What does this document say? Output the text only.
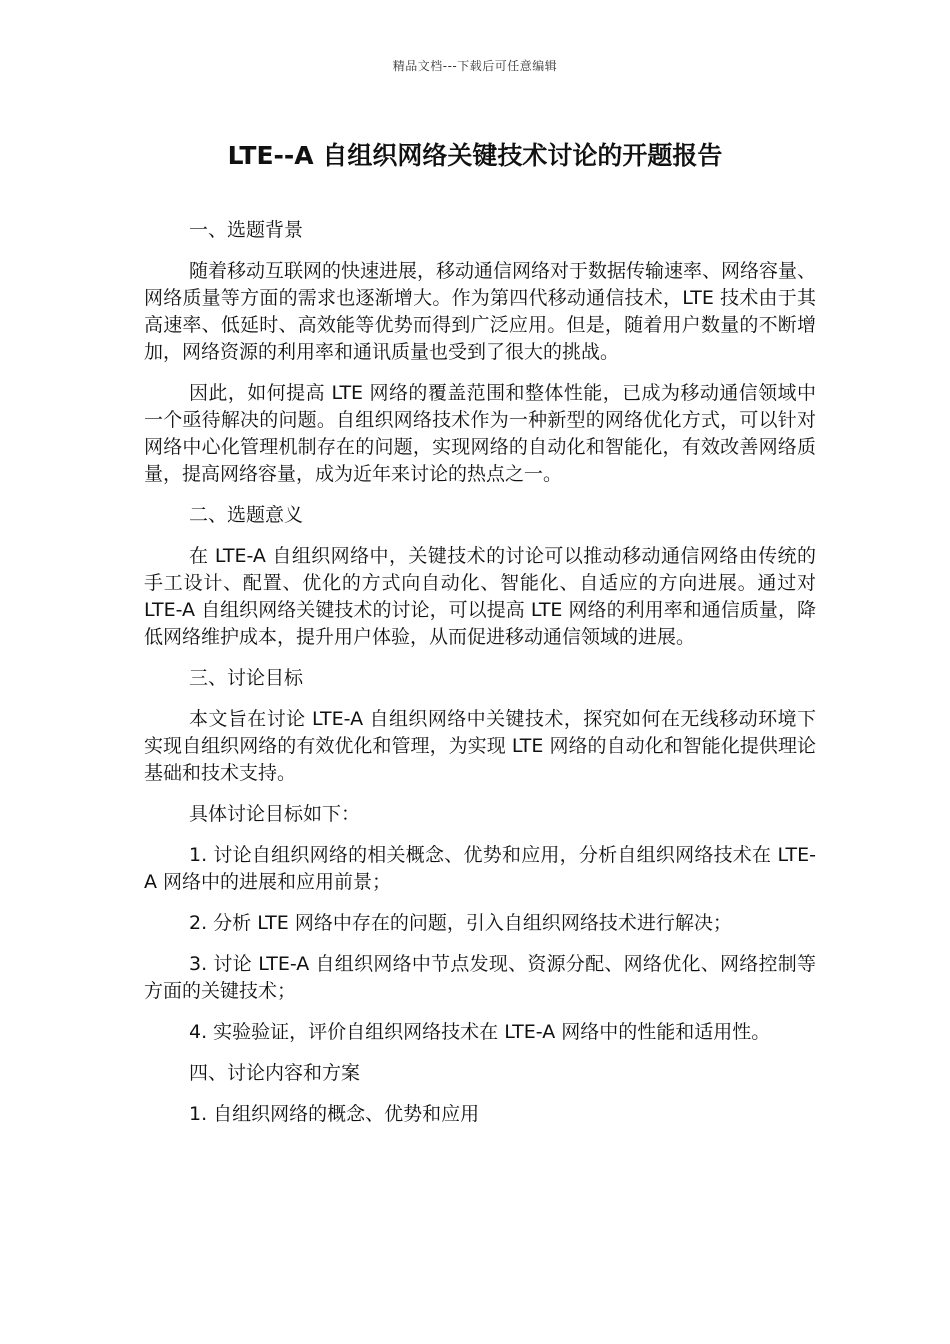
精品文档---下载后可任意编辑
LTE--A 自组织网络关键技术讨论的开题报告

一、选题背景

随着移动互联网的快速进展，移动通信网络对于数据传输速率、网络容量、网络质量等方面的需求也逐渐增大。作为第四代移动通信技术，LTE 技术由于其高速率、低延时、高效能等优势而得到广泛应用。但是，随着用户数量的不断增加，网络资源的利用率和通讯质量也受到了很大的挑战。

因此，如何提高 LTE 网络的覆盖范围和整体性能，已成为移动通信领域中一个亟待解决的问题。自组织网络技术作为一种新型的网络优化方式，可以针对网络中心化管理机制存在的问题，实现网络的自动化和智能化，有效改善网络质量，提高网络容量，成为近年来讨论的热点之一。

二、选题意义

在 LTE-A 自组织网络中，关键技术的讨论可以推动移动通信网络由传统的手工设计、配置、优化的方式向自动化、智能化、自适应的方向进展。通过对 LTE-A 自组织网络关键技术的讨论，可以提高 LTE 网络的利用率和通信质量，降低网络维护成本，提升用户体验，从而促进移动通信领域的进展。

三、讨论目标

本文旨在讨论 LTE-A 自组织网络中关键技术，探究如何在无线移动环境下实现自组织网络的有效优化和管理，为实现 LTE 网络的自动化和智能化提供理论基础和技术支持。

具体讨论目标如下：

1. 讨论自组织网络的相关概念、优势和应用，分析自组织网络技术在 LTE-A 网络中的进展和应用前景；

2. 分析 LTE 网络中存在的问题，引入自组织网络技术进行解决；

3. 讨论 LTE-A 自组织网络中节点发现、资源分配、网络优化、网络控制等方面的关键技术；

4. 实验验证，评价自组织网络技术在 LTE-A 网络中的性能和适用性。

四、讨论内容和方案

1. 自组织网络的概念、优势和应用
